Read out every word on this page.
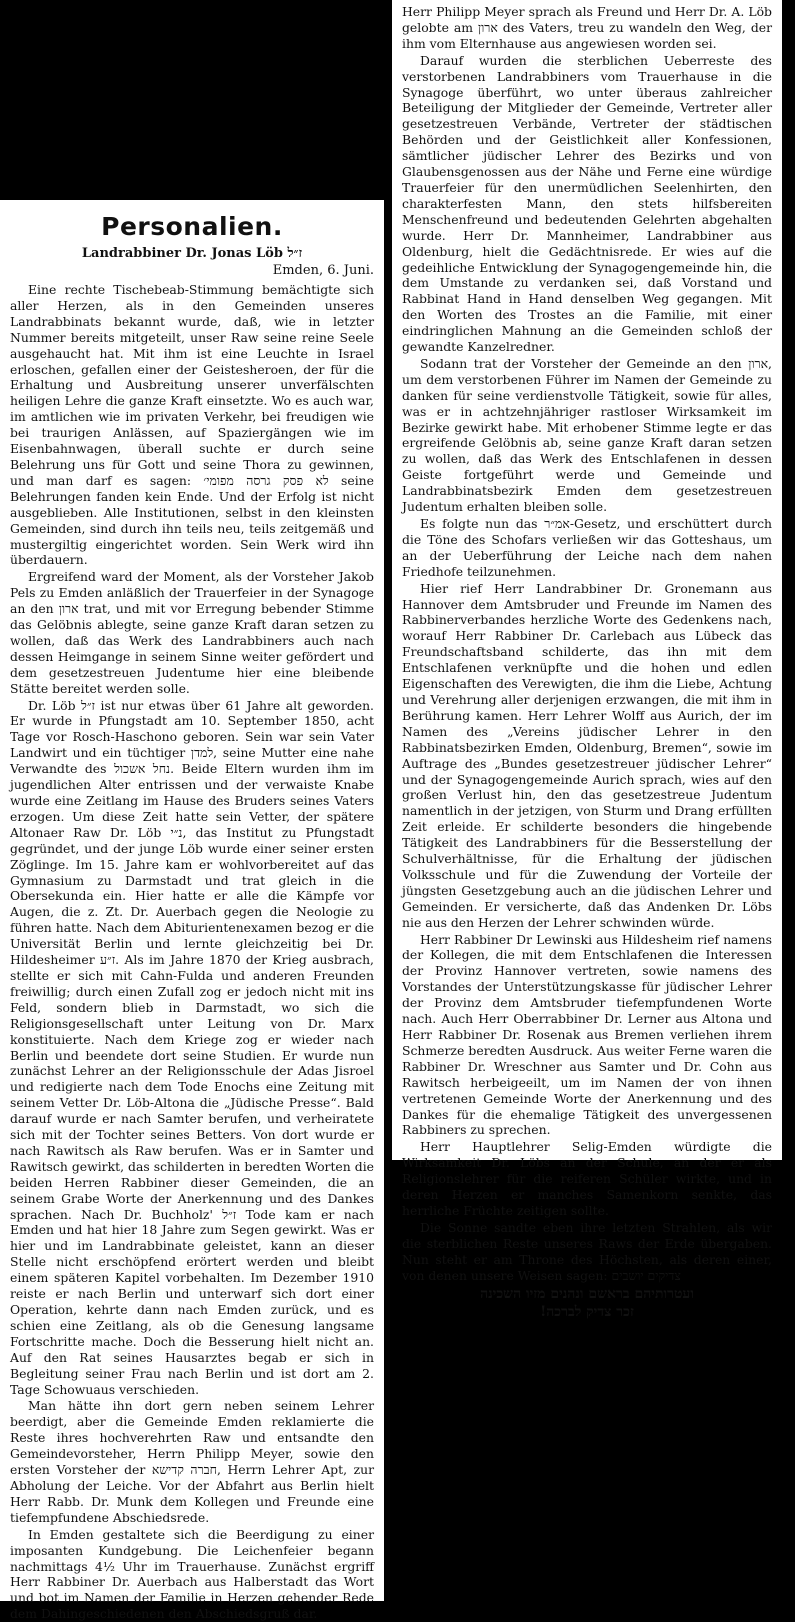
Personalien.
Landrabbiner Dr. Jonas Löb ז״ל
Emden, 6. Juni.

Eine rechte Tischebeab-Stimmung bemächtigte sich aller Herzen, als in den Gemeinden unseres Landrabbinats bekannt wurde, daß, wie in letzter Nummer bereits mitgeteilt, unser Raw seine reine Seele ausgehaucht hat. Mit ihm ist eine Leuchte in Israel erloschen, gefallen einer der Geistesheroen, der für die Erhaltung und Ausbreitung unserer unverfälschten heiligen Lehre die ganze Kraft einsetzte. Wo es auch war, im amtlichen wie im privaten Verkehr, bei freudigen wie bei traurigen Anlässen, auf Spaziergängen wie im Eisenbahnwagen, überall suchte er durch seine Belehrung uns für Gott und seine Thora zu gewinnen, und man darf es sagen: לא פסק גרסה מפומי׳ seine Belehrungen fanden kein Ende. Und der Erfolg ist nicht ausgeblieben. Alle Institutionen, selbst in den kleinsten Gemeinden, sind durch ihn teils neu, teils zeitgemäß und mustergiltig eingerichtet worden. Sein Werk wird ihn überdauern.

Ergreifend ward der Moment, als der Vorsteher Jakob Pels zu Emden anläßlich der Trauerfeier in der Synagoge an den ארון trat, und mit vor Erregung bebender Stimme das Gelöbnis ablegte, seine ganze Kraft daran setzen zu wollen, daß das Werk des Landrabbiners auch nach dessen Heimgange in seinem Sinne weiter gefördert und dem gesetzestreuen Judentume hier eine bleibende Stätte bereitet werden solle.

Dr. Löb ז״ל ist nur etwas über 61 Jahre alt geworden. Er wurde in Pfungstadt am 10. September 1850, acht Tage vor Rosch-Haschono geboren. Sein war sein Vater Landwirt und ein tüchtiger למדן, seine Mutter eine nahe Verwandte des נחל אשכול. Beide Eltern wurden ihm im jugendlichen Alter entrissen und der verwaiste Knabe wurde eine Zeitlang im Hause des Bruders seines Vaters erzogen. Um diese Zeit hatte sein Vetter, der spätere Altonaer Raw Dr. Löb נ״י, das Institut zu Pfungstadt gegründet, und der junge Löb wurde einer seiner ersten Zöglinge. Im 15. Jahre kam er wohlvorbereitet auf das Gymnasium zu Darmstadt und trat gleich in die Obersekunda ein. Hier hatte er alle die Kämpfe vor Augen, die z. Zt. Dr. Auerbach gegen die Neologie zu führen hatte. Nach dem Abiturientenexamen bezog er die Universität Berlin und lernte gleichzeitig bei Dr. Hildesheimer ז״ע. Als im Jahre 1870 der Krieg ausbrach, stellte er sich mit Cahn-Fulda und anderen Freunden freiwillig; durch einen Zufall zog er jedoch nicht mit ins Feld, sondern blieb in Darmstadt, wo sich die Religionsgesellschaft unter Leitung von Dr. Marx konstituierte. Nach dem Kriege zog er wieder nach Berlin und beendete dort seine Studien. Er wurde nun zunächst Lehrer an der Religionsschule der Adas Jisroel und redigierte nach dem Tode Enochs eine Zeitung mit seinem Vetter Dr. Löb-Altona die „Jüdische Presse“. Bald darauf wurde er nach Samter berufen, und verheiratete sich mit der Tochter seines Betters. Von dort wurde er nach Rawitsch als Raw berufen. Was er in Samter und Rawitsch gewirkt, das schilderten in beredten Worten die beiden Herren Rabbiner dieser Gemeinden, die an seinem Grabe Worte der Anerkennung und des Dankes sprachen. Nach Dr. Buchholz' ז״ל Tode kam er nach Emden und hat hier 18 Jahre zum Segen gewirkt. Was er hier und im Landrabbinate geleistet, kann an dieser Stelle nicht erschöpfend erörtert werden und bleibt einem späteren Kapitel vorbehalten. Im Dezember 1910 reiste er nach Berlin und unterwarf sich dort einer Operation, kehrte dann nach Emden zurück, und es schien eine Zeitlang, als ob die Genesung langsame Fortschritte mache. Doch die Besserung hielt nicht an. Auf den Rat seines Hausarztes begab er sich in Begleitung seiner Frau nach Berlin und ist dort am 2. Tage Schowuaus verschieden.

Man hätte ihn dort gern neben seinem Lehrer beerdigt, aber die Gemeinde Emden reklamierte die Reste ihres hochverehrten Raw und entsandte den Gemeindevorsteher, Herrn Philipp Meyer, sowie den ersten Vorsteher der חברה קדישא, Herrn Lehrer Apt, zur Abholung der Leiche. Vor der Abfahrt aus Berlin hielt Herr Rabb. Dr. Munk dem Kollegen und Freunde eine tiefempfundene Abschiedsrede.

In Emden gestaltete sich die Beerdigung zu einer imposanten Kundgebung. Die Leichenfeier begann nachmittags 4½ Uhr im Trauerhause. Zunächst ergriff Herr Rabbiner Dr. Auerbach aus Halberstadt das Wort und bot im Namen der Familie in Herzen gehender Rede dem Dahingeschiedenen den Abschiedsgruß dar.

Herr Philipp Meyer sprach als Freund und Herr Dr. A. Löb gelobte am ארון des Vaters, treu zu wandeln den Weg, der ihm vom Elternhause aus angewiesen worden sei.

Darauf wurden die sterblichen Ueberreste des verstorbenen Landrabbiners vom Trauerhause in die Synagoge überführt, wo unter überaus zahlreicher Beteiligung der Mitglieder der Gemeinde, Vertreter aller gesetzestreuen Verbände, Vertreter der städtischen Behörden und der Geistlichkeit aller Konfessionen, sämtlicher jüdischer Lehrer des Bezirks und von Glaubensgenossen aus der Nähe und Ferne eine würdige Trauerfeier für den unermüdlichen Seelenhirten, den charakterfesten Mann, den stets hilfsbereiten Menschenfreund und bedeutenden Gelehrten abgehalten wurde. Herr Dr. Mannheimer, Landrabbiner aus Oldenburg, hielt die Gedächtnisrede. Er wies auf die gedeihliche Entwicklung der Synagogengemeinde hin, die dem Umstande zu verdanken sei, daß Vorstand und Rabbinat Hand in Hand denselben Weg gegangen. Mit den Worten des Trostes an die Familie, mit einer eindringlichen Mahnung an die Gemeinden schloß der gewandte Kanzelredner.

Sodann trat der Vorsteher der Gemeinde an den ארון, um dem verstorbenen Führer im Namen der Gemeinde zu danken für seine verdienstvolle Tätigkeit, sowie für alles, was er in achtzehnjähriger rastloser Wirksamkeit im Bezirke gewirkt habe. Mit erhobener Stimme legte er das ergreifende Gelöbnis ab, seine ganze Kraft daran setzen zu wollen, daß das Werk des Entschlafenen in dessen Geiste fortgeführt werde und Gemeinde und Landrabbinatsbezirk Emden dem gesetzestreuen Judentum erhalten bleiben solle.

Es folgte nun das אמ״ר-Gesetz, und erschüttert durch die Töne des Schofars verließen wir das Gotteshaus, um an der Ueberführung der Leiche nach dem nahen Friedhofe teilzunehmen.

Hier rief Herr Landrabbiner Dr. Gronemann aus Hannover dem Amtsbruder und Freunde im Namen des Rabbinerverbandes herzliche Worte des Gedenkens nach, worauf Herr Rabbiner Dr. Carlebach aus Lübeck das Freundschaftsband schilderte, das ihn mit dem Entschlafenen verknüpfte und die hohen und edlen Eigenschaften des Verewigten, die ihm die Liebe, Achtung und Verehrung aller derjenigen erzwangen, die mit ihm in Berührung kamen. Herr Lehrer Wolff aus Aurich, der im Namen des „Vereins jüdischer Lehrer in den Rabbinatsbezirken Emden, Oldenburg, Bremen“, sowie im Auftrage des „Bundes gesetzestreuer jüdischer Lehrer“ und der Synagogengemeinde Aurich sprach, wies auf den großen Verlust hin, den das gesetzestreue Judentum namentlich in der jetzigen, von Sturm und Drang erfüllten Zeit erleide. Er schilderte besonders die hingebende Tätigkeit des Landrabbiners für die Besserstellung der Schulverhältnisse, für die Erhaltung der jüdischen Volksschule und für die Zuwendung der Vorteile der jüngsten Gesetzgebung auch an die jüdischen Lehrer und Gemeinden. Er versicherte, daß das Andenken Dr. Löbs nie aus den Herzen der Lehrer schwinden würde.

Herr Rabbiner Dr Lewinski aus Hildesheim rief namens der Kollegen, die mit dem Entschlafenen die Interessen der Provinz Hannover vertreten, sowie namens des Vorstandes der Unterstützungskasse für jüdischer Lehrer der Provinz dem Amtsbruder tiefempfundenen Worte nach. Auch Herr Oberrabbiner Dr. Lerner aus Altona und Herr Rabbiner Dr. Rosenak aus Bremen verliehen ihrem Schmerze beredten Ausdruck. Aus weiter Ferne waren die Rabbiner Dr. Wreschner aus Samter und Dr. Cohn aus Rawitsch herbeigeeilt, um im Namen der von ihnen vertretenen Gemeinde Worte der Anerkennung und des Dankes für die ehemalige Tätigkeit des unvergessenen Rabbiners zu sprechen.

Herr Hauptlehrer Selig-Emden würdigte die Wirksamkeit Dr. Löbs an der Schule, an der er als Religionslehrer für die reiferen Schüler wirkte, und in deren Herzen er manches Samenkorn senkte, das herrliche Früchte zeitigen sollte.

Die Sonne sandte eben ihre letzten Strahlen, als wir die sterblichen Reste unseres Raws der Erde übergaben. Nun steht er am Throne des Höchsten, als deren einer, von denen unsere Weisen sagen: צדיקים יושבים

ועטרותיהם בראשם ונהנים מזיו השכינה

זכר צדיק לברכה!
